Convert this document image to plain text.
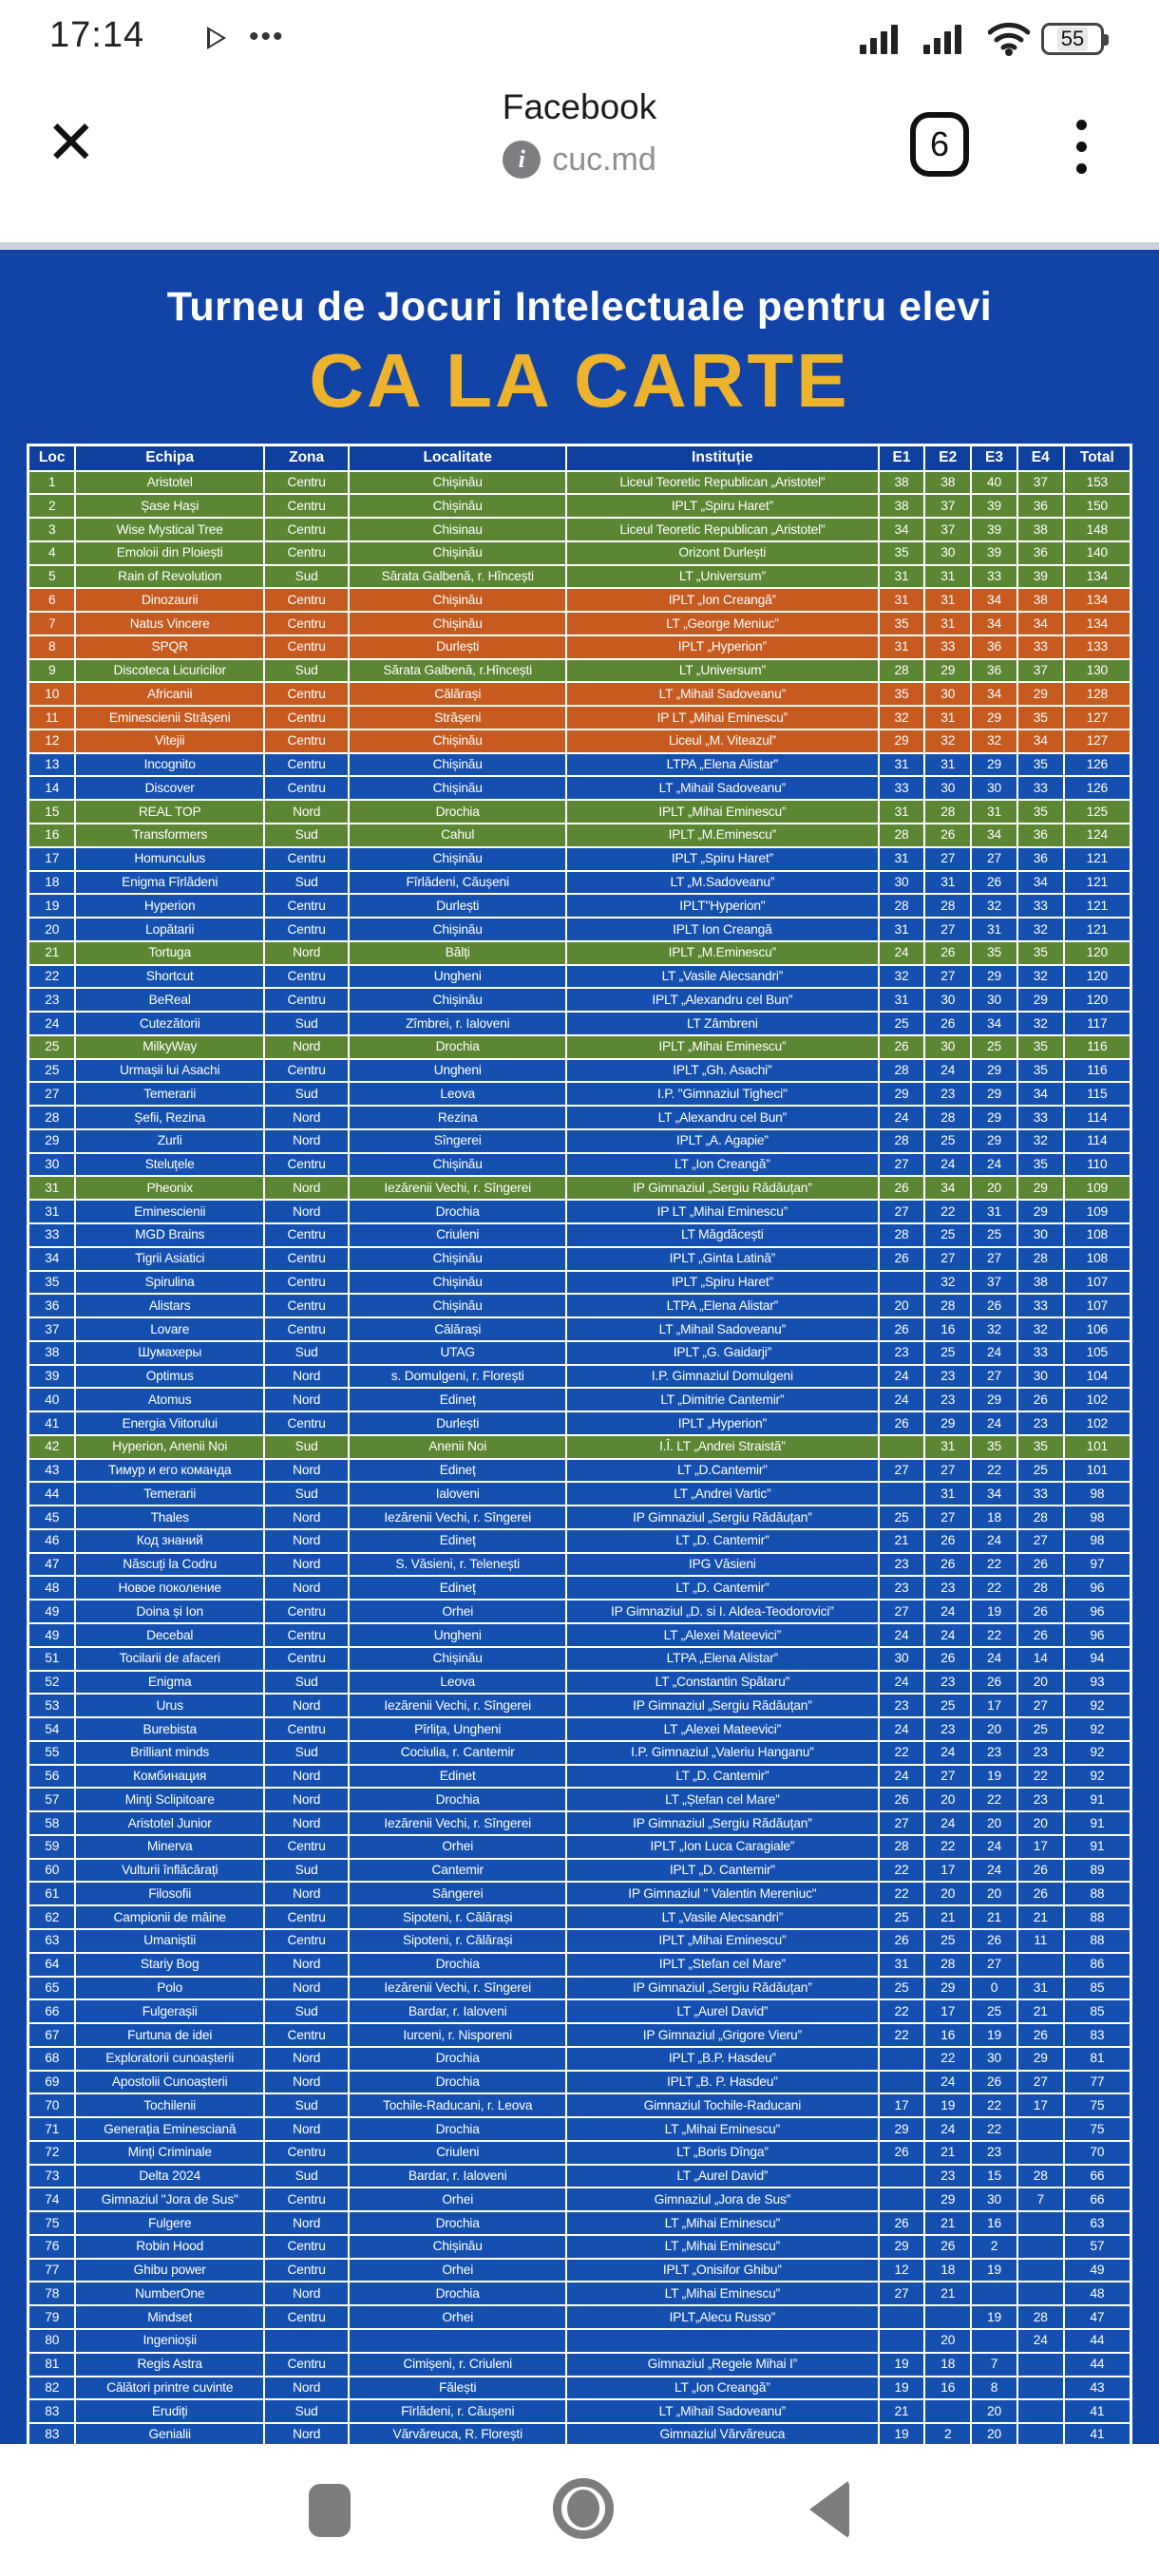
17:14	•••	55
✕
Facebook
i cuc.md	6
Turneu de Jocuri Intelectuale pentru elevi
CA LA CARTE
Loc	Echipa	Zona	Localitate	Instituție	E1	E2	E3	E4	Total
1	Aristotel	Centru	Chișinău	Liceul Teoretic Republican „Aristotel”	38	38	40	37	153
2	Șase Hași	Centru	Chișinău	IPLT „Spiru Haret”	38	37	39	36	150
3	Wise Mystical Tree	Centru	Chisinau	Liceul Teoretic Republican „Aristotel”	34	37	39	38	148
4	Emoloii din Ploiești	Centru	Chișinău	Orizont Durlești	35	30	39	36	140
5	Rain of Revolution	Sud	Sărata Galbenă, r. Hîncești	LT „Universum”	31	31	33	39	134
6	Dinozaurii	Centru	Chișinău	IPLT „Ion Creangă”	31	31	34	38	134
7	Natus Vincere	Centru	Chișinău	LT „George Meniuc”	35	31	34	34	134
8	SPQR	Centru	Durlești	IPLT „Hyperion”	31	33	36	33	133
9	Discoteca Licuricilor	Sud	Sărata Galbenă, r.Hîncești	LT „Universum”	28	29	36	37	130
10	Africanii	Centru	Călărași	LT „Mihail Sadoveanu”	35	30	34	29	128
11	Eminescienii Strășeni	Centru	Strășeni	IP LT „Mihai Eminescu”	32	31	29	35	127
12	Vitejii	Centru	Chișinău	Liceul „M. Viteazul”	29	32	32	34	127
13	Incognito	Centru	Chișinău	LTPA „Elena Alistar”	31	31	29	35	126
14	Discover	Centru	Chișinău	LT „Mihail Sadoveanu”	33	30	30	33	126
15	REAL TOP	Nord	Drochia	IPLT „Mihai Eminescu”	31	28	31	35	125
16	Transformers	Sud	Cahul	IPLT „M.Eminescu”	28	26	34	36	124
17	Homunculus	Centru	Chișinău	IPLT „Spiru Haret”	31	27	27	36	121
18	Enigma Fîrlădeni	Sud	Fîrlădeni, Căușeni	LT „M.Sadoveanu”	30	31	26	34	121
19	Hyperion	Centru	Durlești	IPLT"Hyperion"	28	28	32	33	121
20	Lopătarii	Centru	Chișinău	IPLT Ion Creangă	31	27	31	32	121
21	Tortuga	Nord	Bălți	IPLT „M.Eminescu”	24	26	35	35	120
22	Shortcut	Centru	Ungheni	LT „Vasile Alecsandri”	32	27	29	32	120
23	BeReal	Centru	Chișinău	IPLT „Alexandru cel Bun”	31	30	30	29	120
24	Cutezătorii	Sud	Zîmbrei, r. Ialoveni	LT Zâmbreni	25	26	34	32	117
25	MilkyWay	Nord	Drochia	IPLT „Mihai Eminescu”	26	30	25	35	116
25	Urmașii lui Asachi	Centru	Ungheni	IPLT „Gh. Asachi”	28	24	29	35	116
27	Temerarii	Sud	Leova	I.P. "Gimnaziul Tigheci"	29	23	29	34	115
28	Șefii, Rezina	Nord	Rezina	LT „Alexandru cel Bun”	24	28	29	33	114
29	Zurli	Nord	Sîngerei	IPLT „A. Agapie”	28	25	29	32	114
30	Steluțele	Centru	Chișinău	LT „Ion Creangă”	27	24	24	35	110
31	Pheonix	Nord	Iezărenii Vechi, r. Sîngerei	IP Gimnaziul „Sergiu Rădăuțan”	26	34	20	29	109
31	Eminescienii	Nord	Drochia	IP LT „Mihai Eminescu”	27	22	31	29	109
33	MGD Brains	Centru	Criuleni	LT Măgdăcești	28	25	25	30	108
34	Tigrii Asiatici	Centru	Chișinău	IPLT „Ginta Latină”	26	27	27	28	108
35	Spirulina	Centru	Chișinău	IPLT „Spiru Haret”		32	37	38	107
36	Alistars	Centru	Chișinău	LTPA „Elena Alistar”	20	28	26	33	107
37	Lovare	Centru	Călărași	LT „Mihail Sadoveanu”	26	16	32	32	106
38	Шумахеры	Sud	UTAG	IPLT „G. Gaidarji”	23	25	24	33	105
39	Optimus	Nord	s. Domulgeni, r. Florești	I.P. Gimnaziul Domulgeni	24	23	27	30	104
40	Atomus	Nord	Edineț	LT „Dimitrie Cantemir”	24	23	29	26	102
41	Energia Viitorului	Centru	Durlești	IPLT „Hyperion”	26	29	24	23	102
42	Hyperion, Anenii Noi	Sud	Anenii Noi	I.Î. LT „Andrei Straistă”		31	35	35	101
43	Тимур и его команда	Nord	Edineț	LT „D.Cantemir”	27	27	22	25	101
44	Temerarii	Sud	Ialoveni	LT „Andrei Vartic”		31	34	33	98
45	Thales	Nord	Iezărenii Vechi, r. Sîngerei	IP Gimnaziul „Sergiu Rădăuțan”	25	27	18	28	98
46	Код знаний	Nord	Edineț	LT „D. Cantemir”	21	26	24	27	98
47	Născuți la Codru	Nord	S. Văsieni, r. Telenești	IPG Văsieni	23	26	22	26	97
48	Новое поколение	Nord	Edineț	LT „D. Cantemir”	23	23	22	28	96
49	Doina și Ion	Centru	Orhei	IP Gimnaziul „D. si I. Aldea-Teodorovici”	27	24	19	26	96
49	Decebal	Centru	Ungheni	LT „Alexei Mateevici”	24	24	22	26	96
51	Tocilarii de afaceri	Centru	Chișinău	LTPA „Elena Alistar”	30	26	24	14	94
52	Enigma	Sud	Leova	LT „Constantin Spătaru”	24	23	26	20	93
53	Urus	Nord	Iezărenii Vechi, r. Sîngerei	IP Gimnaziul „Sergiu Rădăuțan”	23	25	17	27	92
54	Burebista	Centru	Pîrlița, Ungheni	LT „Alexei Mateevici”	24	23	20	25	92
55	Brilliant minds	Sud	Cociulia, r. Cantemir	I.P. Gimnaziul „Valeriu Hanganu”	22	24	23	23	92
56	Комбинация	Nord	Edinet	LT „D. Cantemir”	24	27	19	22	92
57	Minţi Sclipitoare	Nord	Drochia	LT „Ștefan cel Mare”	26	20	22	23	91
58	Aristotel Junior	Nord	Iezărenii Vechi, r. Sîngerei	IP Gimnaziul „Sergiu Rădăuțan”	27	24	20	20	91
59	Minerva	Centru	Orhei	IPLT „Ion Luca Caragiale”	28	22	24	17	91
60	Vulturii înflăcărați	Sud	Cantemir	IPLT „D. Cantemir”	22	17	24	26	89
61	Filosofii	Nord	Sângerei	IP Gimnaziul " Valentin Mereniuc"	22	20	20	26	88
62	Campionii de mâine	Centru	Sipoteni, r. Călărași	LT „Vasile Alecsandri”	25	21	21	21	88
63	Umaniștii	Centru	Sipoteni, r. Călărași	IPLT „Mihai Eminescu”	26	25	26	11	88
64	Stariy Bog	Nord	Drochia	IPLT „Stefan cel Mare”	31	28	27		86
65	Polo	Nord	Iezărenii Vechi, r. Sîngerei	IP Gimnaziul „Sergiu Rădăuțan”	25	29	0	31	85
66	Fulgerașii	Sud	Bardar, r. Ialoveni	LT „Aurel David”	22	17	25	21	85
67	Furtuna de idei	Centru	Iurceni, r. Nisporeni	IP Gimnaziul „Grigore Vieru”	22	16	19	26	83
68	Exploratorii cunoașterii	Nord	Drochia	IPLT „B.P. Hasdeu”		22	30	29	81
69	Apostolii Cunoașterii	Nord	Drochia	IPLT „B. P. Hasdeu”		24	26	27	77
70	Tochilenii	Sud	Tochile-Raducani, r. Leova	Gimnaziul Tochile-Raducani	17	19	22	17	75
71	Generația Eminesciană	Nord	Drochia	LT „Mihai Eminescu”	29	24	22		75
72	Minți Criminale	Centru	Criuleni	LT „Boris Dînga”	26	21	23		70
73	Delta 2024	Sud	Bardar, r. Ialoveni	LT „Aurel David”		23	15	28	66
74	Gimnaziul "Jora de Sus"	Centru	Orhei	Gimnaziul „Jora de Sus”		29	30	7	66
75	Fulgere	Nord	Drochia	LT „Mihai Eminescu”	26	21	16		63
76	Robin Hood	Centru	Chișinău	LT „Mihai Eminescu”	29	26	2		57
77	Ghibu power	Centru	Orhei	IPLT „Onisifor Ghibu”	12	18	19		49
78	NumberOne	Nord	Drochia	LT „Mihai Eminescu”	27	21			48
79	Mindset	Centru	Orhei	IPLT„Alecu Russo”			19	28	47
80	Ingenioșii					20		24	44
81	Regis Astra	Centru	Cimișeni, r. Criuleni	Gimnaziul „Regele Mihai I”	19	18	7		44
82	Călători printre cuvinte	Nord	Fălești	LT „Ion Creangă”	19	16	8		43
83	Erudiți	Sud	Fîrlădeni, r. Căușeni	LT „Mihail Sadoveanu”	21		20		41
83	Genialii	Nord	Vărvăreuca, R. Florești	Gimnaziul Vărvăreuca	19	2	20		41
